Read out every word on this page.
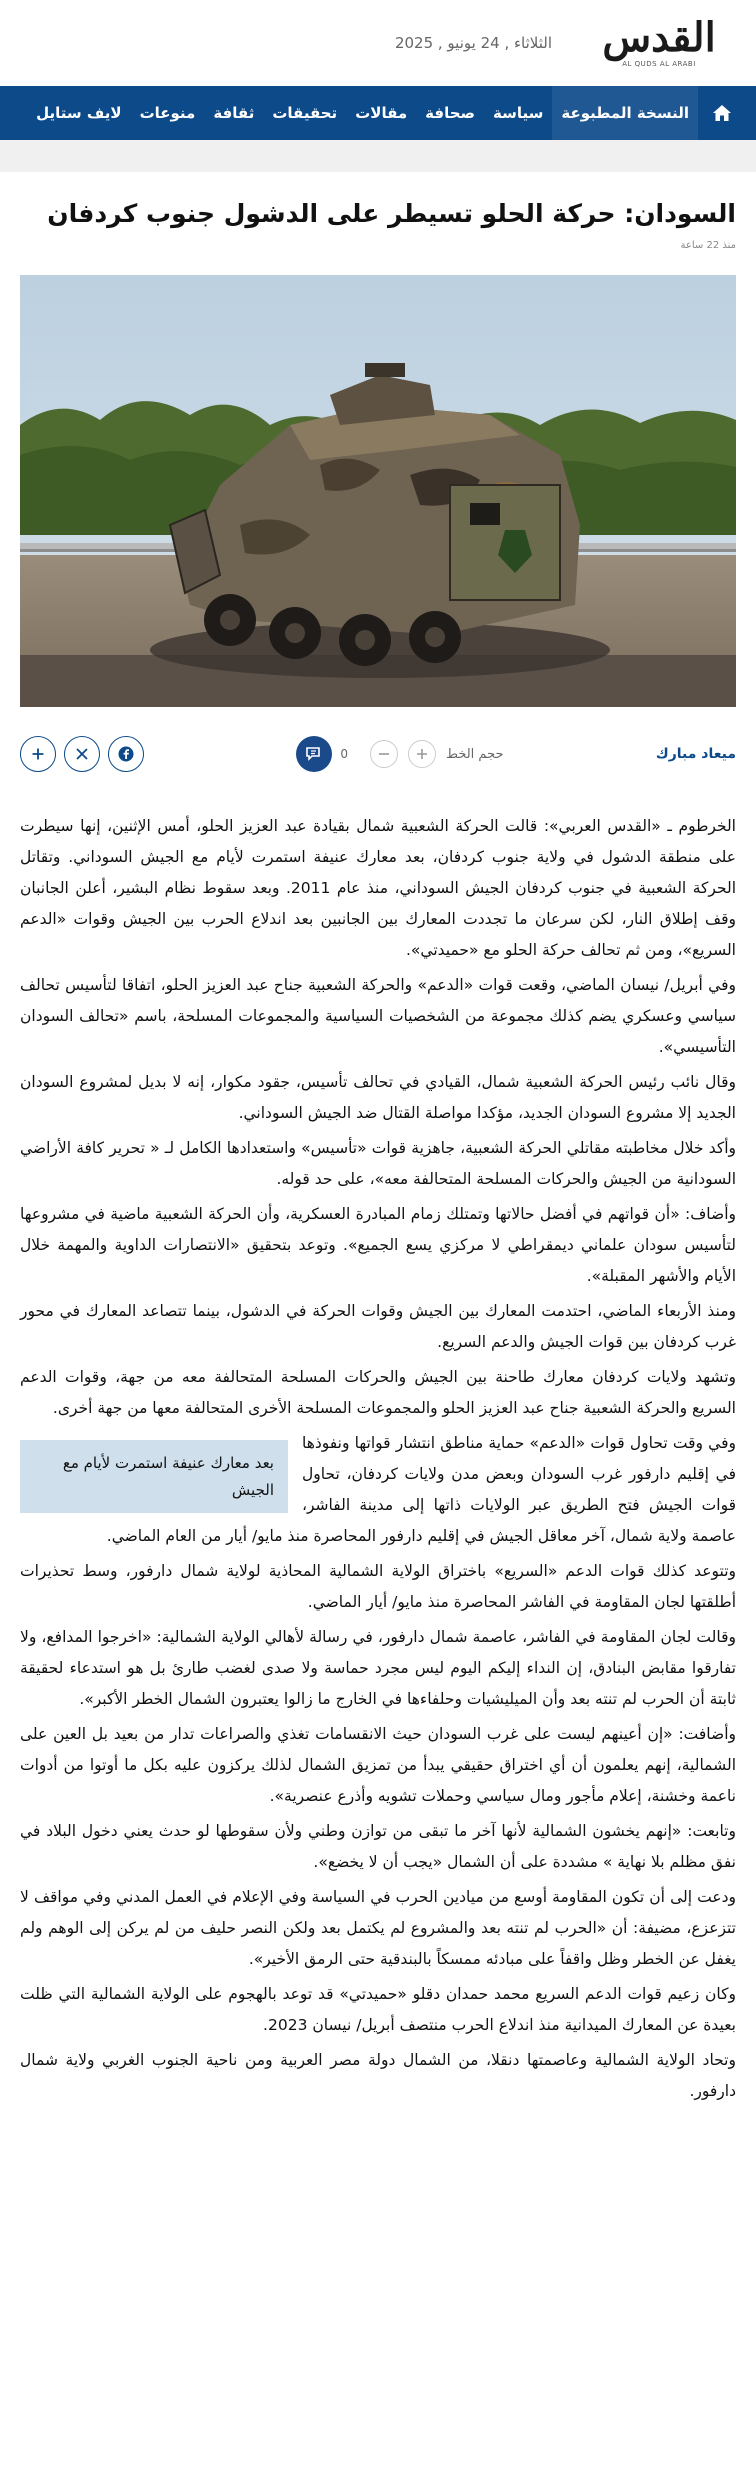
القدس
AL QUDS AL ARABI
الثلاثاء , 24 يونيو , 2025
النسخة المطبوعة
سياسة
صحافة
مقالات
تحقيقات
ثقافة
منوعات
لايف ستايل
السودان: حركة الحلو تسيطر على الدشول جنوب كردفان
منذ 22 ساعة
ميعاد مبارك
حجم الخط
0

الخرطوم ـ «القدس العربي»: قالت الحركة الشعبية شمال بقيادة عبد العزيز الحلو، أمس الإثنين، إنها سيطرت على منطقة الدشول في ولاية جنوب كردفان، بعد معارك عنيفة استمرت لأيام مع الجيش السوداني. وتقاتل الحركة الشعبية في جنوب كردفان الجيش السوداني، منذ عام 2011. وبعد سقوط نظام البشير، أعلن الجانبان وقف إطلاق النار، لكن سرعان ما تجددت المعارك بين الجانبين بعد اندلاع الحرب بين الجيش وقوات «الدعم السريع»، ومن ثم تحالف حركة الحلو مع «حميدتي».

وفي أبريل/ نيسان الماضي، وقعت قوات «الدعم» والحركة الشعبية جناح عبد العزيز الحلو، اتفاقا لتأسيس تحالف سياسي وعسكري يضم كذلك مجموعة من الشخصيات السياسية والمجموعات المسلحة، باسم «تحالف السودان التأسيسي».

وقال نائب رئيس الحركة الشعبية شمال، القيادي في تحالف تأسيس، جقود مكوار، إنه لا بديل لمشروع السودان الجديد إلا مشروع السودان الجديد، مؤكدا مواصلة القتال ضد الجيش السوداني.

وأكد خلال مخاطبته مقاتلي الحركة الشعبية، جاهزية قوات «تأسيس» واستعدادها الكامل لـ « تحرير كافة الأراضي السودانية من الجيش والحركات المسلحة المتحالفة معه»، على حد قوله.

وأضاف: «أن قواتهم في أفضل حالاتها وتمتلك زمام المبادرة العسكرية، وأن الحركة الشعبية ماضية في مشروعها لتأسيس سودان علماني ديمقراطي لا مركزي يسع الجميع». وتوعد بتحقيق «الانتصارات الداوية والمهمة خلال الأيام والأشهر المقبلة».

ومنذ الأربعاء الماضي، احتدمت المعارك بين الجيش وقوات الحركة في الدشول، بينما تتصاعد المعارك في محور غرب كردفان بين قوات الجيش والدعم السريع.

وتشهد ولايات كردفان معارك طاحنة بين الجيش والحركات المسلحة المتحالفة معه من جهة، وقوات الدعم السريع والحركة الشعبية جناح عبد العزيز الحلو والمجموعات المسلحة الأخرى المتحالفة معها من جهة أخرى.

بعد معارك عنيفة استمرت لأيام مع الجيش

وفي وقت تحاول قوات «الدعم» حماية مناطق انتشار قواتها ونفوذها في إقليم دارفور غرب السودان وبعض مدن ولايات كردفان، تحاول قوات الجيش فتح الطريق عبر الولايات ذاتها إلى مدينة الفاشر، عاصمة ولاية شمال، آخر معاقل الجيش في إقليم دارفور المحاصرة منذ مايو/ أيار من العام الماضي.

وتتوعد كذلك قوات الدعم «السريع» باختراق الولاية الشمالية المحاذية لولاية شمال دارفور، وسط تحذيرات أطلقتها لجان المقاومة في الفاشر المحاصرة منذ مايو/ أيار الماضي.

وقالت لجان المقاومة في الفاشر، عاصمة شمال دارفور، في رسالة لأهالي الولاية الشمالية: «اخرجوا المدافع، ولا تفارقوا مقابض البنادق، إن النداء إليكم اليوم ليس مجرد حماسة ولا صدى لغضب طارئ بل هو استدعاء لحقيقة ثابتة أن الحرب لم تنته بعد وأن الميليشيات وحلفاءها في الخارج ما زالوا يعتبرون الشمال الخطر الأكبر».

وأضافت: «إن أعينهم ليست على غرب السودان حيث الانقسامات تغذي والصراعات تدار من بعيد بل العين على الشمالية، إنهم يعلمون أن أي اختراق حقيقي يبدأ من تمزيق الشمال لذلك يركزون عليه بكل ما أوتوا من أدوات ناعمة وخشنة، إعلام مأجور ومال سياسي وحملات تشويه وأذرع عنصرية».

وتابعت: «إنهم يخشون الشمالية لأنها آخر ما تبقى من توازن وطني ولأن سقوطها لو حدث يعني دخول البلاد في نفق مظلم بلا نهاية » مشددة على أن الشمال «يجب أن لا يخضع».

ودعت إلى أن تكون المقاومة أوسع من ميادين الحرب في السياسة وفي الإعلام في العمل المدني وفي مواقف لا تتزعزع، مضيفة: أن «الحرب لم تنته بعد والمشروع لم يكتمل بعد ولكن النصر حليف من لم يركن إلى الوهم ولم يغفل عن الخطر وظل واقفاً على مبادئه ممسكاً بالبندقية حتى الرمق الأخير».

وكان زعيم قوات الدعم السريع محمد حمدان دقلو «حميدتي» قد توعد بالهجوم على الولاية الشمالية التي ظلت بعيدة عن المعارك الميدانية منذ اندلاع الحرب منتصف أبريل/ نيسان 2023.

وتحاد الولاية الشمالية وعاصمتها دنقلا، من الشمال دولة مصر العربية ومن ناحية الجنوب الغربي ولاية شمال دارفور.
